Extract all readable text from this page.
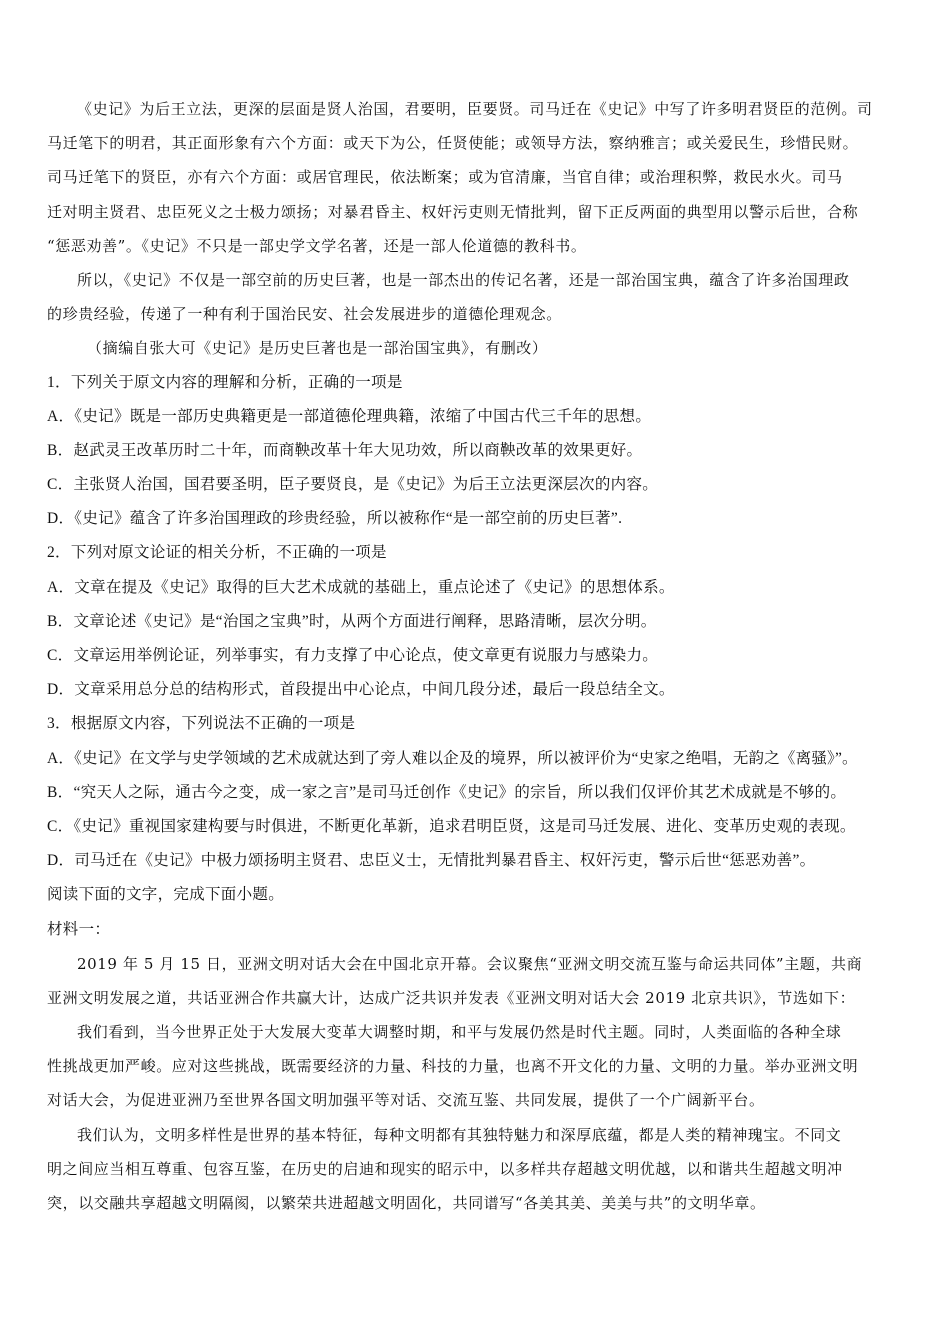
《史记》为后王立法，更深的层面是贤人治国，君要明，臣要贤。司马迁在《史记》中写了许多明君贤臣的范例。司
马迁笔下的明君，其正面形象有六个方面：或天下为公，任贤使能；或领导方法，察纳雅言；或关爱民生，珍惜民财。
司马迁笔下的贤臣，亦有六个方面：或居官理民，依法断案；或为官清廉，当官自律；或治理积弊，救民水火。司马
迁对明主贤君、忠臣死义之士极力颂扬；对暴君昏主、权奸污吏则无情批判，留下正反两面的典型用以警示后世，合称
“惩恶劝善”。《史记》不只是一部史学文学名著，还是一部人伦道德的教科书。
所以，《史记》不仅是一部空前的历史巨著，也是一部杰出的传记名著，还是一部治国宝典，蕴含了许多治国理政
的珍贵经验，传递了一种有利于国治民安、社会发展进步的道德伦理观念。
（摘编自张大可《史记》是历史巨著也是一部治国宝典》，有删改）
1．下列关于原文内容的理解和分析，正确的一项是
A．《史记》既是一部历史典籍更是一部道德伦理典籍，浓缩了中国古代三千年的思想。
B．赵武灵王改革历时二十年，而商鞅改革十年大见功效，所以商鞅改革的效果更好。
C．主张贤人治国，国君要圣明，臣子要贤良，是《史记》为后王立法更深层次的内容。
D．《史记》蕴含了许多治国理政的珍贵经验，所以被称作“是一部空前的历史巨著”.
2．下列对原文论证的相关分析，不正确的一项是
A．文章在提及《史记》取得的巨大艺术成就的基础上，重点论述了《史记》的思想体系。
B．文章论述《史记》是“治国之宝典”时，从两个方面进行阐释，思路清晰，层次分明。
C．文章运用举例论证，列举事实，有力支撑了中心论点，使文章更有说服力与感染力。
D．文章采用总分总的结构形式，首段提出中心论点，中间几段分述，最后一段总结全文。
3．根据原文内容，下列说法不正确的一项是
A．《史记》在文学与史学领域的艺术成就达到了旁人难以企及的境界，所以被评价为“史家之绝唱，无韵之《离骚》”。
B．“究天人之际，通古今之变，成一家之言”是司马迁创作《史记》的宗旨，所以我们仅评价其艺术成就是不够的。
C．《史记》重视国家建构要与时俱进，不断更化革新，追求君明臣贤，这是司马迁发展、进化、变革历史观的表现。
D．司马迁在《史记》中极力颂扬明主贤君、忠臣义士，无情批判暴君昏主、权奸污吏，警示后世“惩恶劝善”。
阅读下面的文字，完成下面小题。
材料一：
2019 年 5 月 15 日，亚洲文明对话大会在中国北京开幕。会议聚焦“亚洲文明交流互鉴与命运共同体”主题，共商
亚洲文明发展之道，共话亚洲合作共赢大计，达成广泛共识并发表《亚洲文明对话大会 2019 北京共识》，节选如下：
我们看到，当今世界正处于大发展大变革大调整时期，和平与发展仍然是时代主题。同时，人类面临的各种全球
性挑战更加严峻。应对这些挑战，既需要经济的力量、科技的力量，也离不开文化的力量、文明的力量。举办亚洲文明
对话大会，为促进亚洲乃至世界各国文明加强平等对话、交流互鉴、共同发展，提供了一个广阔新平台。
我们认为，文明多样性是世界的基本特征，每种文明都有其独特魅力和深厚底蕴，都是人类的精神瑰宝。不同文
明之间应当相互尊重、包容互鉴，在历史的启迪和现实的昭示中，以多样共存超越文明优越，以和谐共生超越文明冲
突，以交融共享超越文明隔阂，以繁荣共进超越文明固化，共同谱写“各美其美、美美与共”的文明华章。
